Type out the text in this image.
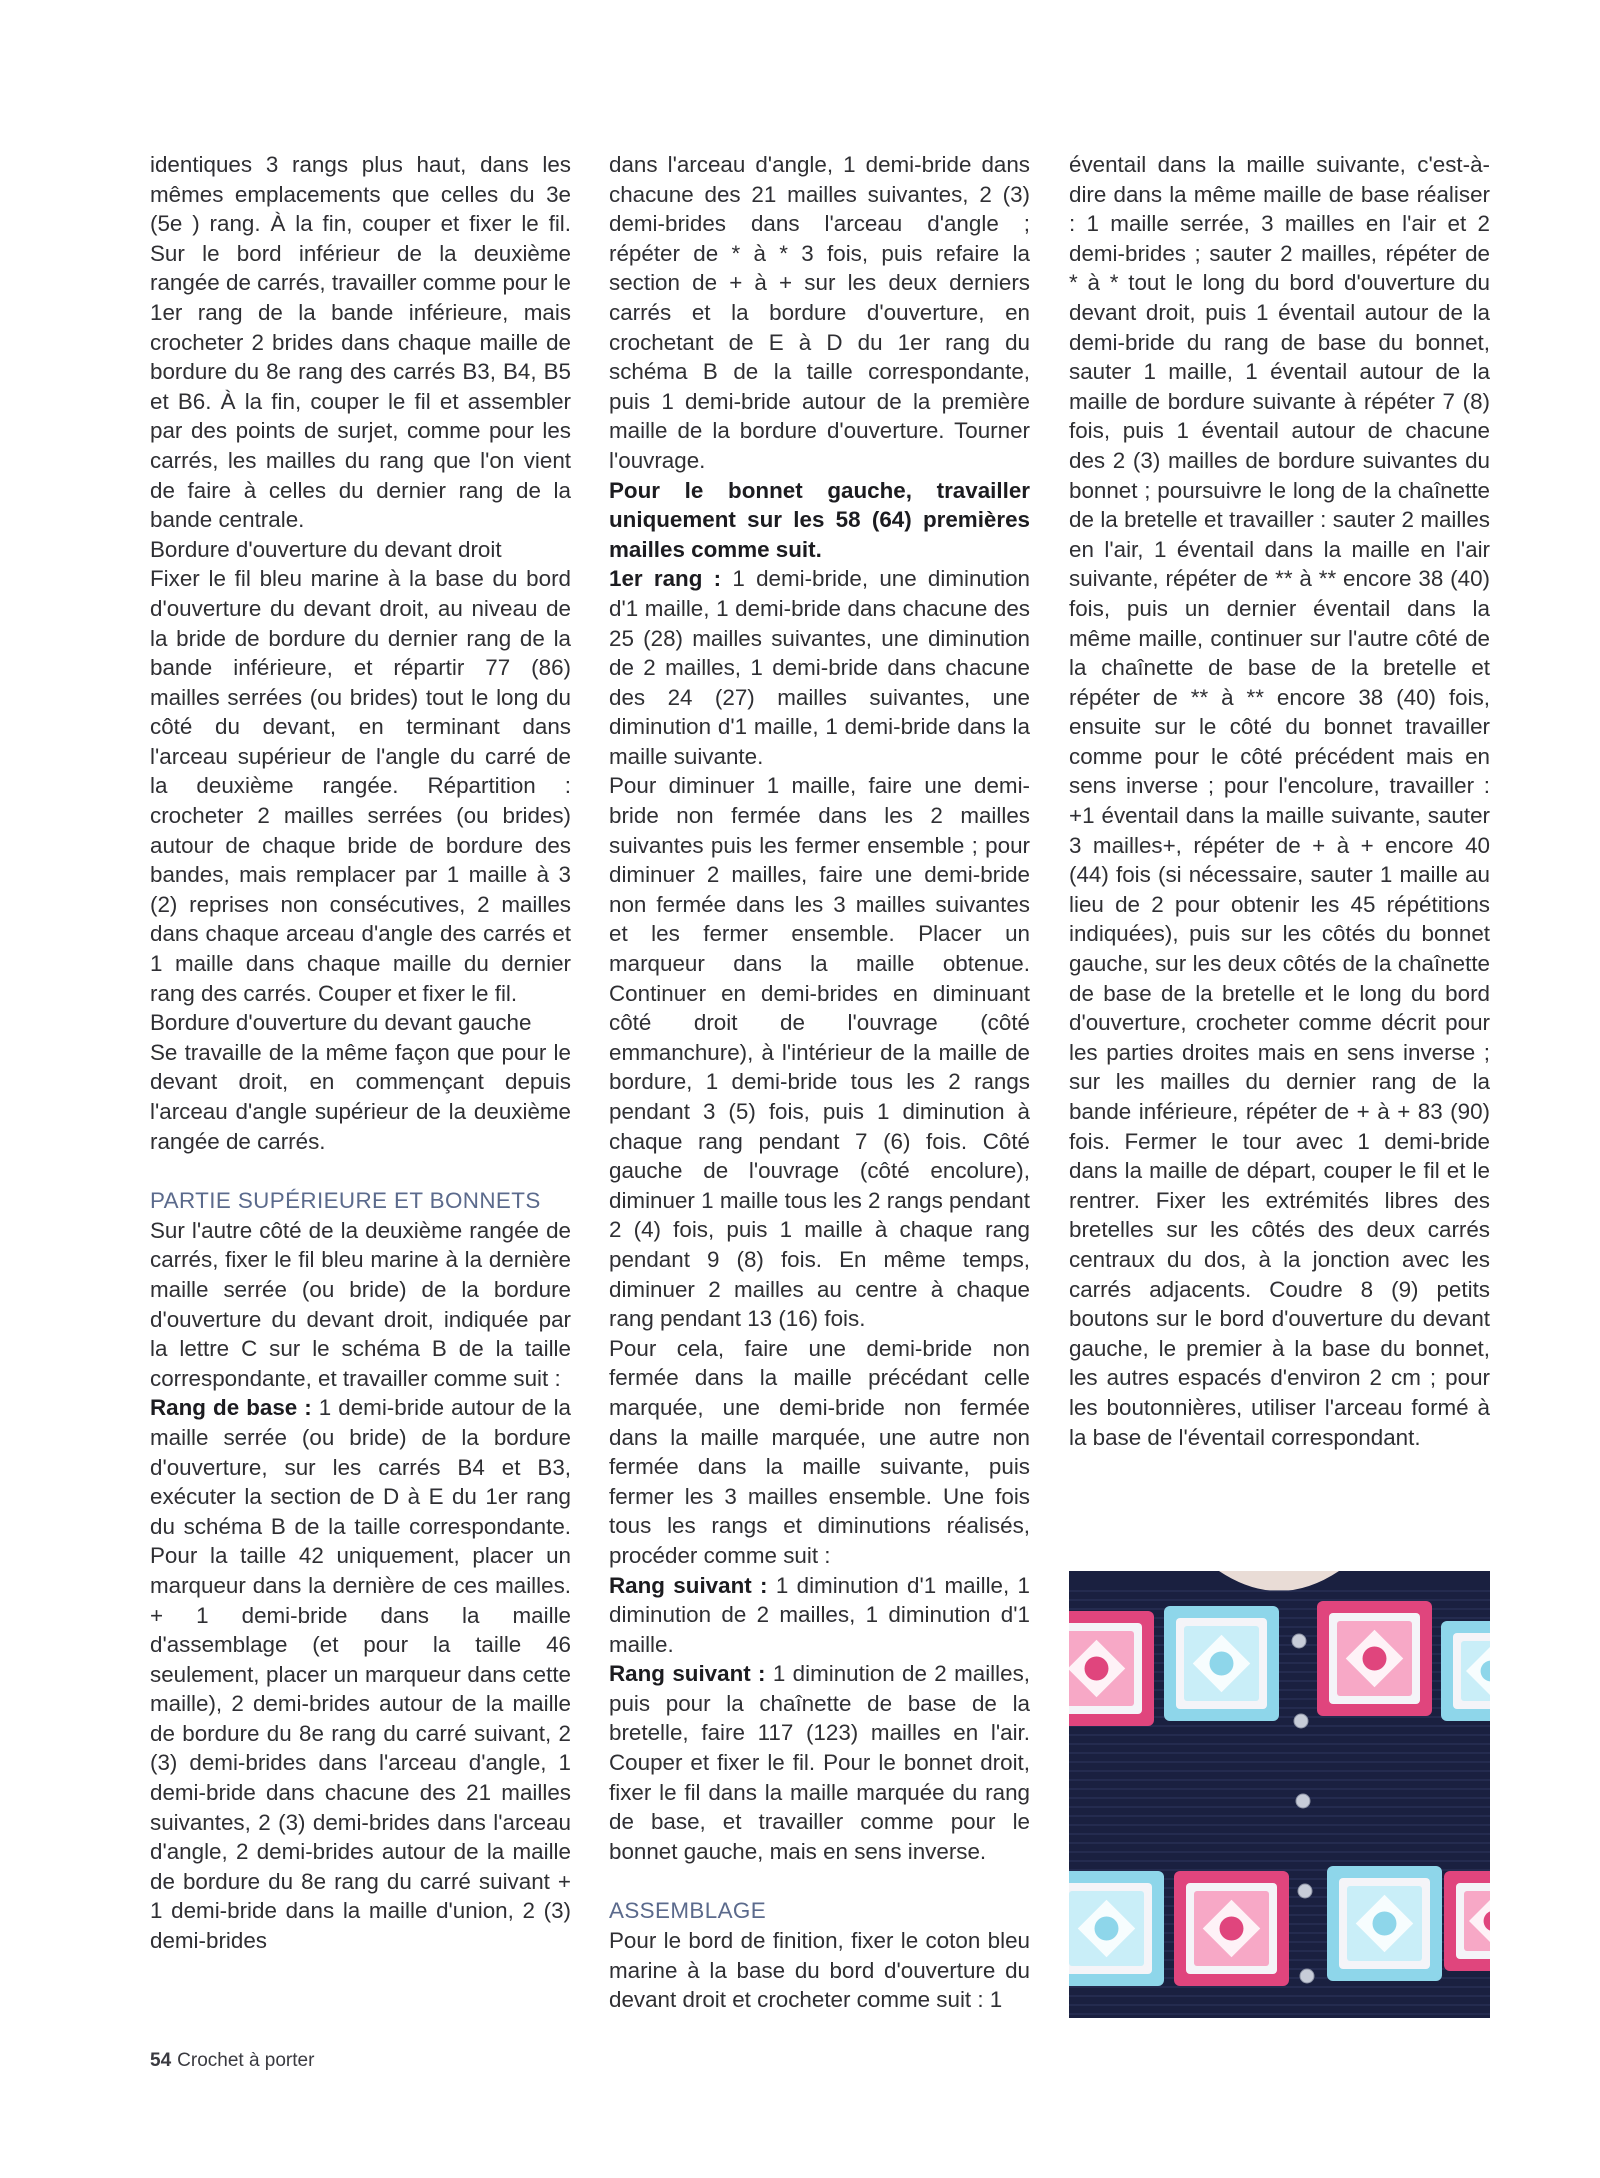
identiques 3 rangs plus haut, dans les mêmes emplacements que celles du 3e (5e ) rang. À la fin, couper et fixer le fil. Sur le bord inférieur de la deuxième rangée de carrés, travailler comme pour le 1er rang de la bande inférieure, mais crocheter 2 brides dans chaque maille de bordure du 8e rang des carrés B3, B4, B5 et B6. À la fin, couper le fil et assembler par des points de surjet, comme pour les carrés, les mailles du rang que l'on vient de faire à celles du dernier rang de la bande centrale.

Bordure d'ouverture du devant droit

Fixer le fil bleu marine à la base du bord d'ouverture du devant droit, au niveau de la bride de bordure du dernier rang de la bande inférieure, et répartir 77 (86) mailles serrées (ou brides) tout le long du côté du devant, en terminant dans l'arceau supérieur de l'angle du carré de la deuxième rangée. Répartition : crocheter 2 mailles serrées (ou brides) autour de chaque bride de bordure des bandes, mais remplacer par 1 maille à 3 (2) reprises non consécutives, 2 mailles dans chaque arceau d'angle des carrés et 1 maille dans chaque maille du dernier rang des carrés. Couper et fixer le fil.

Bordure d'ouverture du devant gauche

Se travaille de la même façon que pour le devant droit, en commençant depuis l'arceau d'angle supérieur de la deuxième rangée de carrés.

PARTIE SUPÉRIEURE ET BONNETS

Sur l'autre côté de la deuxième rangée de carrés, fixer le fil bleu marine à la dernière maille serrée (ou bride) de la bordure d'ouverture du devant droit, indiquée par la lettre C sur le schéma B de la taille correspondante, et travailler comme suit :

Rang de base : 1 demi-bride autour de la maille serrée (ou bride) de la bordure d'ouverture, sur les carrés B4 et B3, exécuter la section de D à E du 1er rang du schéma B de la taille correspondante. Pour la taille 42 uniquement, placer un marqueur dans la dernière de ces mailles. + 1 demi-bride dans la maille d'assemblage (et pour la taille 46 seulement, placer un marqueur dans cette maille), 2 demi-brides autour de la maille de bordure du 8e rang du carré suivant, 2 (3) demi-brides dans l'arceau d'angle, 1 demi-bride dans chacune des 21 mailles suivantes, 2 (3) demi-brides dans l'arceau d'angle, 2 demi-brides autour de la maille de bordure du 8e rang du carré suivant + 1 demi-bride dans la maille d'union, 2 (3) demi-brides

dans l'arceau d'angle, 1 demi-bride dans chacune des 21 mailles suivantes, 2 (3) demi-brides dans l'arceau d'angle ; répéter de * à * 3 fois, puis refaire la section de + à + sur les deux derniers carrés et la bordure d'ouverture, en crochetant de E à D du 1er rang du schéma B de la taille correspondante, puis 1 demi-bride autour de la première maille de la bordure d'ouverture. Tourner l'ouvrage.

Pour le bonnet gauche, travailler uniquement sur les 58 (64) premières mailles comme suit.

1er rang : 1 demi-bride, une diminution d'1 maille, 1 demi-bride dans chacune des 25 (28) mailles suivantes, une diminution de 2 mailles, 1 demi-bride dans chacune des 24 (27) mailles suivantes, une diminution d'1 maille, 1 demi-bride dans la maille suivante.

Pour diminuer 1 maille, faire une demi-bride non fermée dans les 2 mailles suivantes puis les fermer ensemble ; pour diminuer 2 mailles, faire une demi-bride non fermée dans les 3 mailles suivantes et les fermer ensemble. Placer un marqueur dans la maille obtenue. Continuer en demi-brides en diminuant côté droit de l'ouvrage (côté emmanchure), à l'intérieur de la maille de bordure, 1 demi-bride tous les 2 rangs pendant 3 (5) fois, puis 1 diminution à chaque rang pendant 7 (6) fois. Côté gauche de l'ouvrage (côté encolure), diminuer 1 maille tous les 2 rangs pendant 2 (4) fois, puis 1 maille à chaque rang pendant 9 (8) fois. En même temps, diminuer 2 mailles au centre à chaque rang pendant 13 (16) fois.

Pour cela, faire une demi-bride non fermée dans la maille précédant celle marquée, une demi-bride non fermée dans la maille marquée, une autre non fermée dans la maille suivante, puis fermer les 3 mailles ensemble. Une fois tous les rangs et diminutions réalisés, procéder comme suit :

Rang suivant : 1 diminution d'1 maille, 1 diminution de 2 mailles, 1 diminution d'1 maille.

Rang suivant : 1 diminution de 2 mailles, puis pour la chaînette de base de la bretelle, faire 117 (123) mailles en l'air. Couper et fixer le fil. Pour le bonnet droit, fixer le fil dans la maille marquée du rang de base, et travailler comme pour le bonnet gauche, mais en sens inverse.

ASSEMBLAGE

Pour le bord de finition, fixer le coton bleu marine à la base du bord d'ouverture du devant droit et crocheter comme suit : 1

éventail dans la maille suivante, c'est-à-dire dans la même maille de base réaliser : 1 maille serrée, 3 mailles en l'air et 2 demi-brides ; sauter 2 mailles, répéter de * à * tout le long du bord d'ouverture du devant droit, puis 1 éventail autour de la demi-bride du rang de base du bonnet, sauter 1 maille, 1 éventail autour de la maille de bordure suivante à répéter 7 (8) fois, puis 1 éventail autour de chacune des 2 (3) mailles de bordure suivantes du bonnet ; poursuivre le long de la chaînette de la bretelle et travailler : sauter 2 mailles en l'air, 1 éventail dans la maille en l'air suivante, répéter de ** à ** encore 38 (40) fois, puis un dernier éventail dans la même maille, continuer sur l'autre côté de la chaînette de base de la bretelle et répéter de ** à ** encore 38 (40) fois, ensuite sur le côté du bonnet travailler comme pour le côté précédent mais en sens inverse ; pour l'encolure, travailler : +1 éventail dans la maille suivante, sauter 3 mailles+, répéter de + à + encore 40 (44) fois (si nécessaire, sauter 1 maille au lieu de 2 pour obtenir les 45 répétitions indiquées), puis sur les côtés du bonnet gauche, sur les deux côtés de la chaînette de base de la bretelle et le long du bord d'ouverture, crocheter comme décrit pour les parties droites mais en sens inverse ; sur les mailles du dernier rang de la bande inférieure, répéter de + à + 83 (90) fois. Fermer le tour avec 1 demi-bride dans la maille de départ, couper le fil et le rentrer. Fixer les extrémités libres des bretelles sur les côtés des deux carrés centraux du dos, à la jonction avec les carrés adjacents. Coudre 8 (9) petits boutons sur le bord d'ouverture du devant gauche, le premier à la base du bonnet, les autres espacés d'environ 2 cm ; pour les boutonnières, utiliser l'arceau formé à la base de l'éventail correspondant.

54 Crochet à porter
